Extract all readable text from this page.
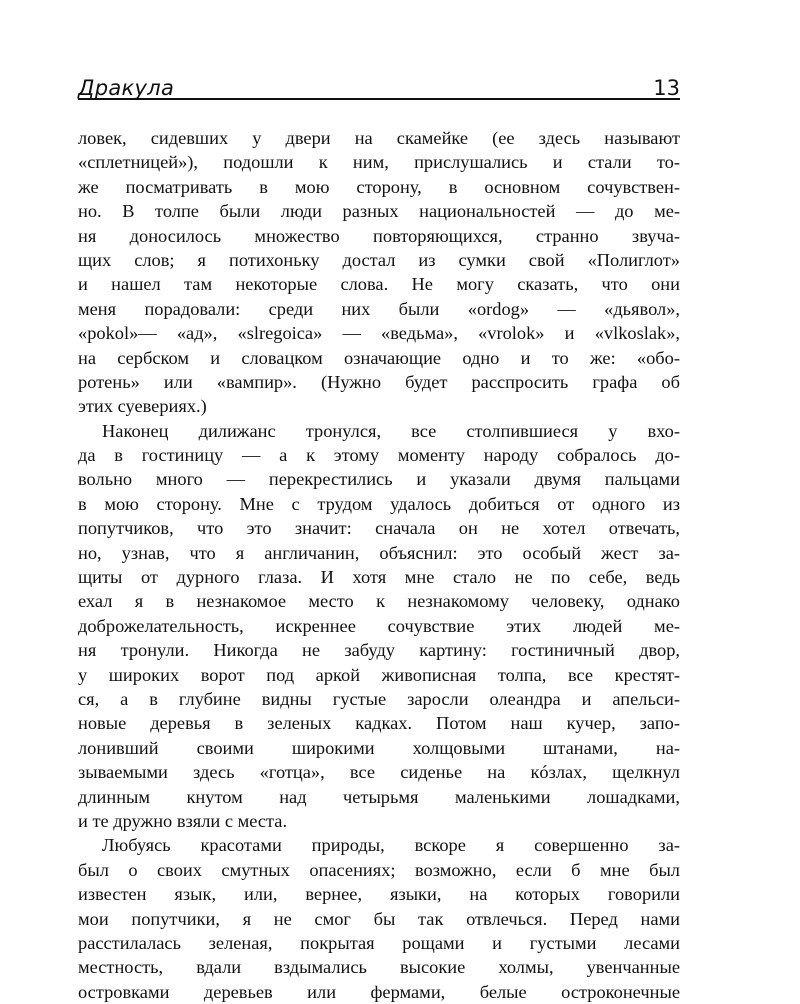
Дракула	13
ловек, сидевших у двери на скамейке (ее здесь называют
«сплетницей»), подошли к ним, прислушались и стали то-
же посматривать в мою сторону, в основном сочувствен-
но. В толпе были люди разных национальностей — до ме-
ня доносилось множество повторяющихся, странно звуча-
щих слов; я потихоньку достал из сумки свой «Полиглот»
и нашел там некоторые слова. Не могу сказать, что они
меня порадовали: среди них были «ordog» — «дьявол»,
«pokol»— «ад», «slregoica» — «ведьма», «vrolok» и «vlkoslak»,
на сербском и словацком означающие одно и то же: «обо-
ротень» или «вампир». (Нужно будет расспросить графа об
этих суевериях.)
Наконец дилижанс тронулся, все столпившиеся у вхо-
да в гостиницу — а к этому моменту народу собралось до-
вольно много — перекрестились и указали двумя пальцами
в мою сторону. Мне с трудом удалось добиться от одного из
попутчиков, что это значит: сначала он не хотел отвечать,
но, узнав, что я англичанин, объяснил: это особый жест за-
щиты от дурного глаза. И хотя мне стало не по себе, ведь
ехал я в незнакомое место к незнакомому человеку, однако
доброжелательность, искреннее сочувствие этих людей ме-
ня тронули. Никогда не забуду картину: гостиничный двор,
у широких ворот под аркой живописная толпа, все крестят-
ся, а в глубине видны густые заросли олеандра и апельси-
новые деревья в зеленых кадках. Потом наш кучер, запо-
лонивший своими широкими холщовыми штанами, на-
зываемыми здесь «готца», все сиденье на кóзлах, щелкнул
длинным кнутом над четырьмя маленькими лошадками,
и те дружно взяли с места.
Любуясь красотами природы, вскоре я совершенно за-
был о своих смутных опасениях; возможно, если б мне был
известен язык, или, вернее, языки, на которых говорили
мои попутчики, я не смог бы так отвлечься. Перед нами
расстилалась зеленая, покрытая рощами и густыми лесами
местность, вдали вздымались высокие холмы, увенчанные
островками деревьев или фермами, белые остроконечные
